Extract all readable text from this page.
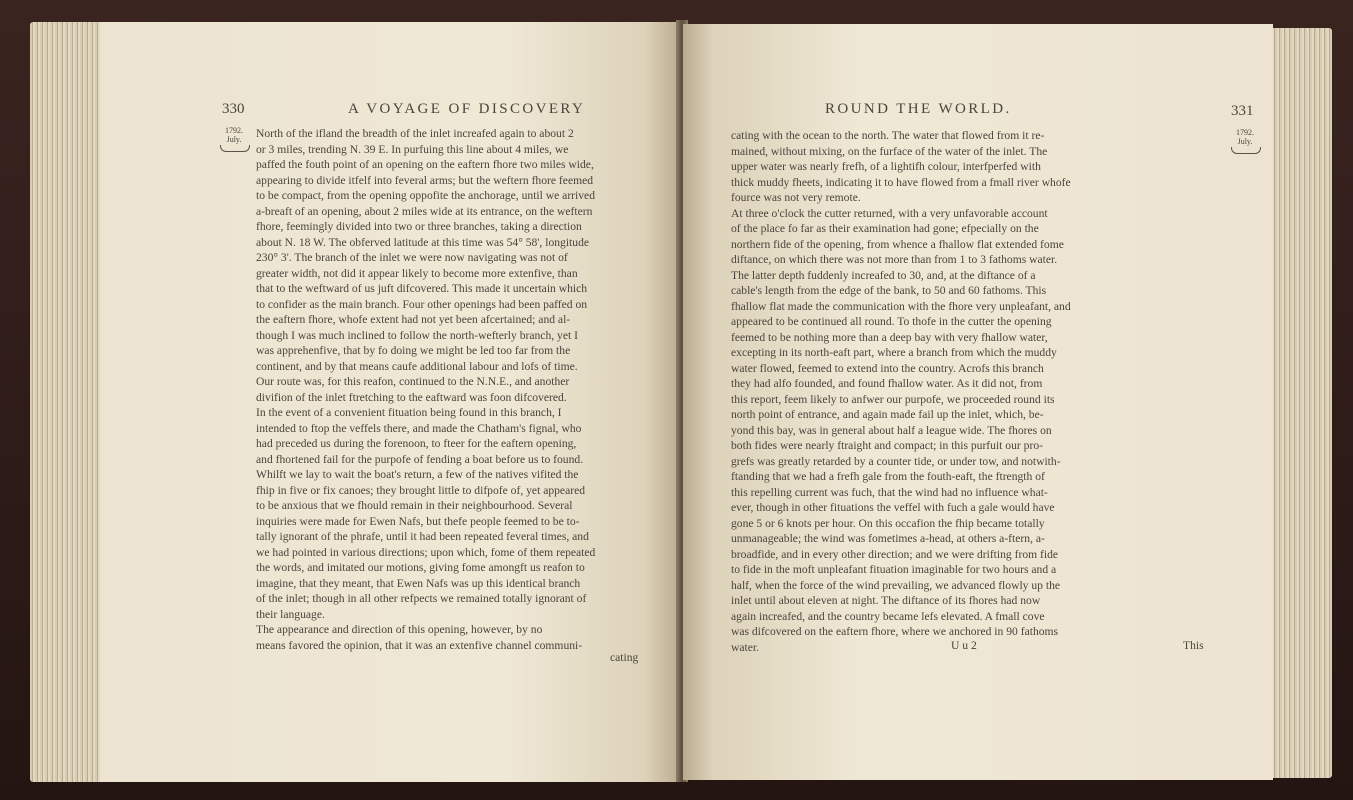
330	A VOYAGE OF DISCOVERY
1792.
July.	North of the ifland the breadth of the inlet increafed again to about 2
or 3 miles, trending N. 39 E. In purfuing this line about 4 miles, we
paffed the fouth point of an opening on the eaftern fhore two miles wide,
appearing to divide itfelf into feveral arms; but the weftern fhore feemed
to be compact, from the opening oppofite the anchorage, until we arrived
a-breaft of an opening, about 2 miles wide at its entrance, on the weftern
fhore, feemingly divided into two or three branches, taking a direction
about N. 18 W. The obferved latitude at this time was 54° 58', longitude
230° 3'. The branch of the inlet we were now navigating was not of
greater width, not did it appear likely to become more extenfive, than
that to the weftward of us juft difcovered. This made it uncertain which
to confider as the main branch. Four other openings had been paffed on
the eaftern fhore, whofe extent had not yet been afcertained; and al-
though I was much inclined to follow the north-wefterly branch, yet I
was apprehenfive, that by fo doing we might be led too far from the
continent, and by that means caufe additional labour and lofs of time.
Our route was, for this reafon, continued to the N.N.E., and another
divifion of the inlet ftretching to the eaftward was foon difcovered.
In the event of a convenient fituation being found in this branch, I
intended to ftop the veffels there, and made the Chatham's fignal, who
had preceded us during the forenoon, to fteer for the eaftern opening,
and fhortened fail for the purpofe of fending a boat before us to found.
Whilft we lay to wait the boat's return, a few of the natives vifited the
fhip in five or fix canoes; they brought little to difpofe of, yet appeared
to be anxious that we fhould remain in their neighbourhood. Several
inquiries were made for Ewen Nafs, but thefe people feemed to be to-
tally ignorant of the phrafe, until it had been repeated feveral times, and
we had pointed in various directions; upon which, fome of them repeated
the words, and imitated our motions, giving fome amongft us reafon to
imagine, that they meant, that Ewen Nafs was up this identical branch
of the inlet; though in all other refpects we remained totally ignorant of
their language.
The appearance and direction of this opening, however, by no
means favored the opinion, that it was an extenfive channel communi-
cating
ROUND THE WORLD.	331
1792.
July.
cating with the ocean to the north. The water that flowed from it re-
mained, without mixing, on the furface of the water of the inlet. The
upper water was nearly frefh, of a lightifh colour, interfperfed with
thick muddy fheets, indicating it to have flowed from a fmall river whofe
fource was not very remote.
At three o'clock the cutter returned, with a very unfavorable account
of the place fo far as their examination had gone; efpecially on the
northern fide of the opening, from whence a fhallow flat extended fome
diftance, on which there was not more than from 1 to 3 fathoms water.
The latter depth fuddenly increafed to 30, and, at the diftance of a
cable's length from the edge of the bank, to 50 and 60 fathoms. This
fhallow flat made the communication with the fhore very unpleafant, and
appeared to be continued all round. To thofe in the cutter the opening
feemed to be nothing more than a deep bay with very fhallow water,
excepting in its north-eaft part, where a branch from which the muddy
water flowed, feemed to extend into the country. Acrofs this branch
they had alfo founded, and found fhallow water. As it did not, from
this report, feem likely to anfwer our purpofe, we proceeded round its
north point of entrance, and again made fail up the inlet, which, be-
yond this bay, was in general about half a league wide. The fhores on
both fides were nearly ftraight and compact; in this purfuit our pro-
grefs was greatly retarded by a counter tide, or under tow, and notwith-
ftanding that we had a frefh gale from the fouth-eaft, the ftrength of
this repelling current was fuch, that the wind had no influence what-
ever, though in other fituations the veffel with fuch a gale would have
gone 5 or 6 knots per hour. On this occafion the fhip became totally
unmanageable; the wind was fometimes a-head, at others a-ftern, a-
broadfide, and in every other direction; and we were drifting from fide
to fide in the moft unpleafant fituation imaginable for two hours and a
half, when the force of the wind prevailing, we advanced flowly up the
inlet until about eleven at night. The diftance of its fhores had now
again increafed, and the country became lefs elevated. A fmall cove
was difcovered on the eaftern fhore, where we anchored in 90 fathoms
water.	U u 2	This
